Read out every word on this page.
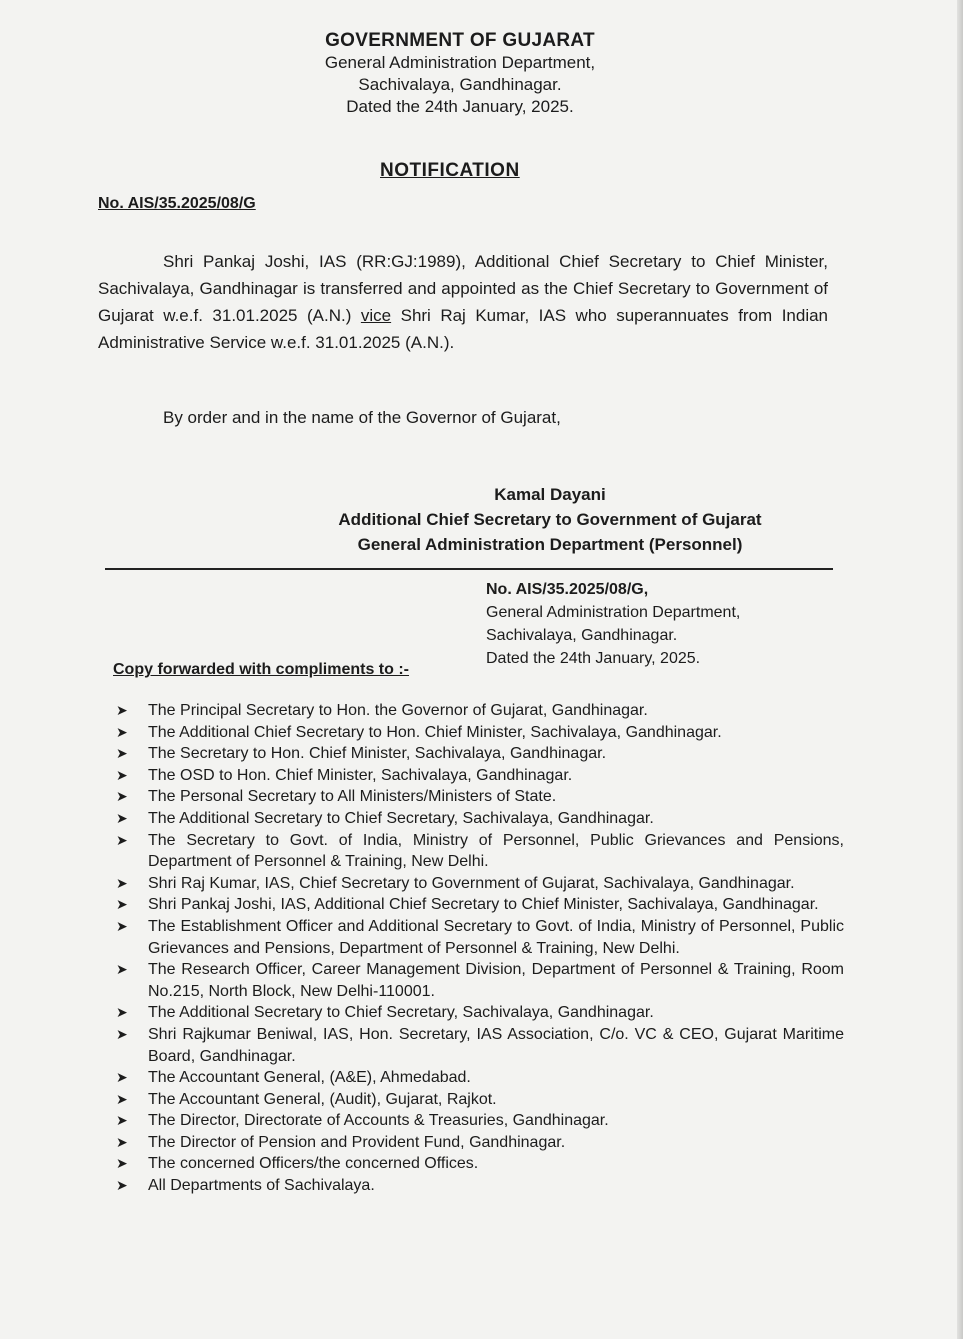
GOVERNMENT OF GUJARAT
General Administration Department,
Sachivalaya, Gandhinagar.
Dated the 24th January, 2025.
NOTIFICATION
No. AIS/35.2025/08/G
Shri Pankaj Joshi, IAS (RR:GJ:1989), Additional Chief Secretary to Chief Minister, Sachivalaya, Gandhinagar is transferred and appointed as the Chief Secretary to Government of Gujarat w.e.f. 31.01.2025 (A.N.) vice Shri Raj Kumar, IAS who superannuates from Indian Administrative Service w.e.f. 31.01.2025 (A.N.).
By order and in the name of the Governor of Gujarat,
Kamal Dayani
Additional Chief Secretary to Government of Gujarat
General Administration Department (Personnel)
No. AIS/35.2025/08/G,
General Administration Department,
Sachivalaya, Gandhinagar.
Dated the 24th January, 2025.
Copy forwarded with compliments to :-
➤ The Principal Secretary to Hon. the Governor of Gujarat, Gandhinagar.
➤ The Additional Chief Secretary to Hon. Chief Minister, Sachivalaya, Gandhinagar.
➤ The Secretary to Hon. Chief Minister, Sachivalaya, Gandhinagar.
➤ The OSD to Hon. Chief Minister, Sachivalaya, Gandhinagar.
➤ The Personal Secretary to All Ministers/Ministers of State.
➤ The Additional Secretary to Chief Secretary, Sachivalaya, Gandhinagar.
➤ The Secretary to Govt. of India, Ministry of Personnel, Public Grievances and Pensions, Department of Personnel & Training, New Delhi.
➤ Shri Raj Kumar, IAS, Chief Secretary to Government of Gujarat, Sachivalaya, Gandhinagar.
➤ Shri Pankaj Joshi, IAS, Additional Chief Secretary to Chief Minister, Sachivalaya, Gandhinagar.
➤ The Establishment Officer and Additional Secretary to Govt. of India, Ministry of Personnel, Public Grievances and Pensions, Department of Personnel & Training, New Delhi.
➤ The Research Officer, Career Management Division, Department of Personnel & Training, Room No.215, North Block, New Delhi-110001.
➤ The Additional Secretary to Chief Secretary, Sachivalaya, Gandhinagar.
➤ Shri Rajkumar Beniwal, IAS, Hon. Secretary, IAS Association, C/o. VC & CEO, Gujarat Maritime Board, Gandhinagar.
➤ The Accountant General, (A&E), Ahmedabad.
➤ The Accountant General, (Audit), Gujarat, Rajkot.
➤ The Director, Directorate of Accounts & Treasuries, Gandhinagar.
➤ The Director of Pension and Provident Fund, Gandhinagar.
➤ The concerned Officers/the concerned Offices.
➤ All Departments of Sachivalaya.
